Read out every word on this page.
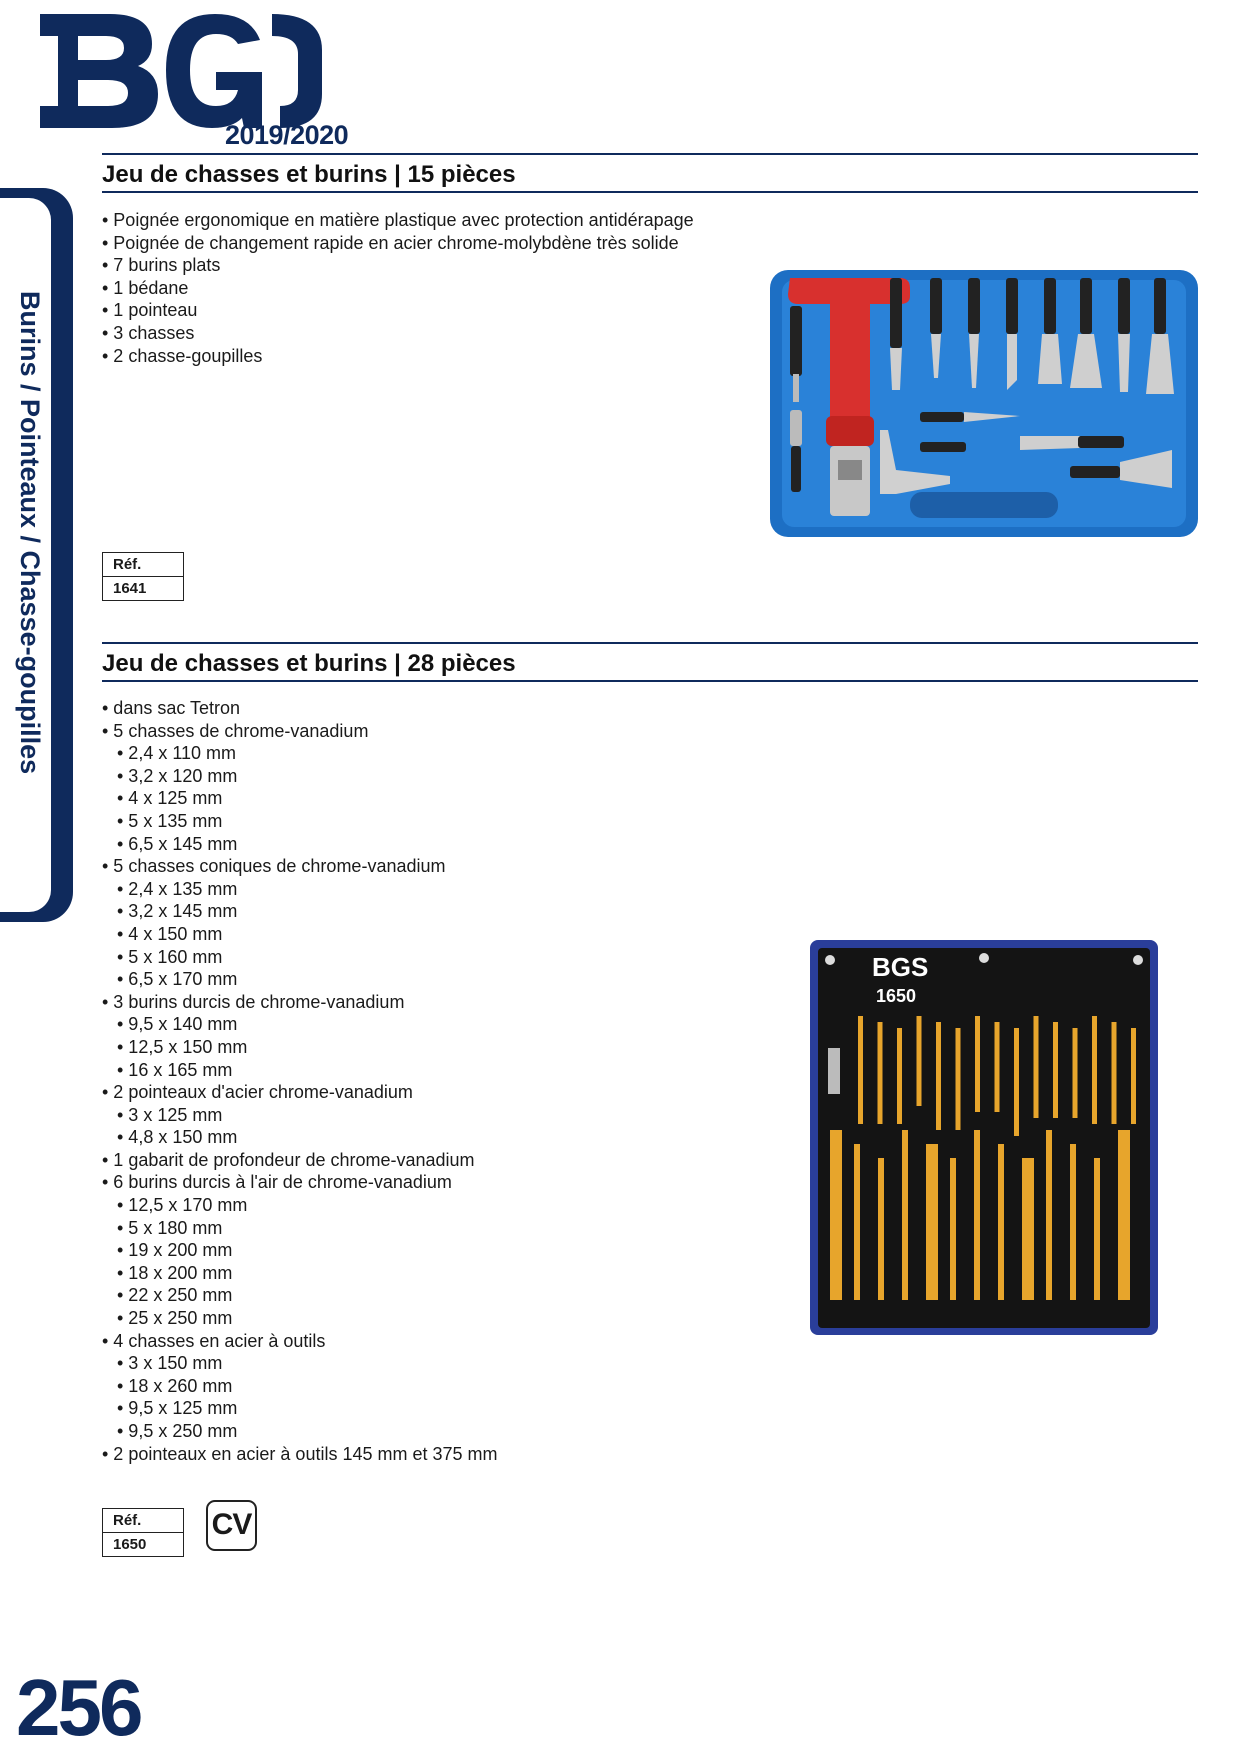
2019/2020
Burins / Pointeaux / Chasse-goupilles
Jeu de chasses et burins | 15 pièces
• Poignée ergonomique en matière plastique avec protection antidérapage
• Poignée de changement rapide en acier chrome-molybdène très solide
• 7 burins plats
• 1 bédane
• 1 pointeau
• 3 chasses
• 2 chasse-goupilles
Réf.
1641
Jeu de chasses et burins | 28 pièces
• dans sac Tetron
• 5 chasses de chrome-vanadium
• 2,4 x 110 mm
• 3,2 x 120 mm
• 4 x 125 mm
• 5 x 135 mm
• 6,5 x 145 mm
• 5 chasses coniques de chrome-vanadium
• 2,4 x 135 mm
• 3,2 x 145 mm
• 4 x 150 mm
• 5 x 160 mm
• 6,5 x 170 mm
• 3 burins durcis de chrome-vanadium
• 9,5 x 140 mm
• 12,5 x 150 mm
• 16 x 165 mm
• 2 pointeaux d'acier chrome-vanadium
• 3 x 125 mm
• 4,8 x 150 mm
• 1 gabarit de profondeur de chrome-vanadium
• 6 burins durcis à l'air de chrome-vanadium
• 12,5 x 170 mm
• 5 x 180 mm
• 19 x 200 mm
• 18 x 200 mm
• 22 x 250 mm
• 25 x 250 mm
• 4 chasses en acier à outils
• 3 x 150 mm
• 18 x 260 mm
• 9,5 x 125 mm
• 9,5 x 250 mm
• 2 pointeaux en acier à outils 145 mm et 375 mm
BGS
1650
Réf.
1650
CV
256
